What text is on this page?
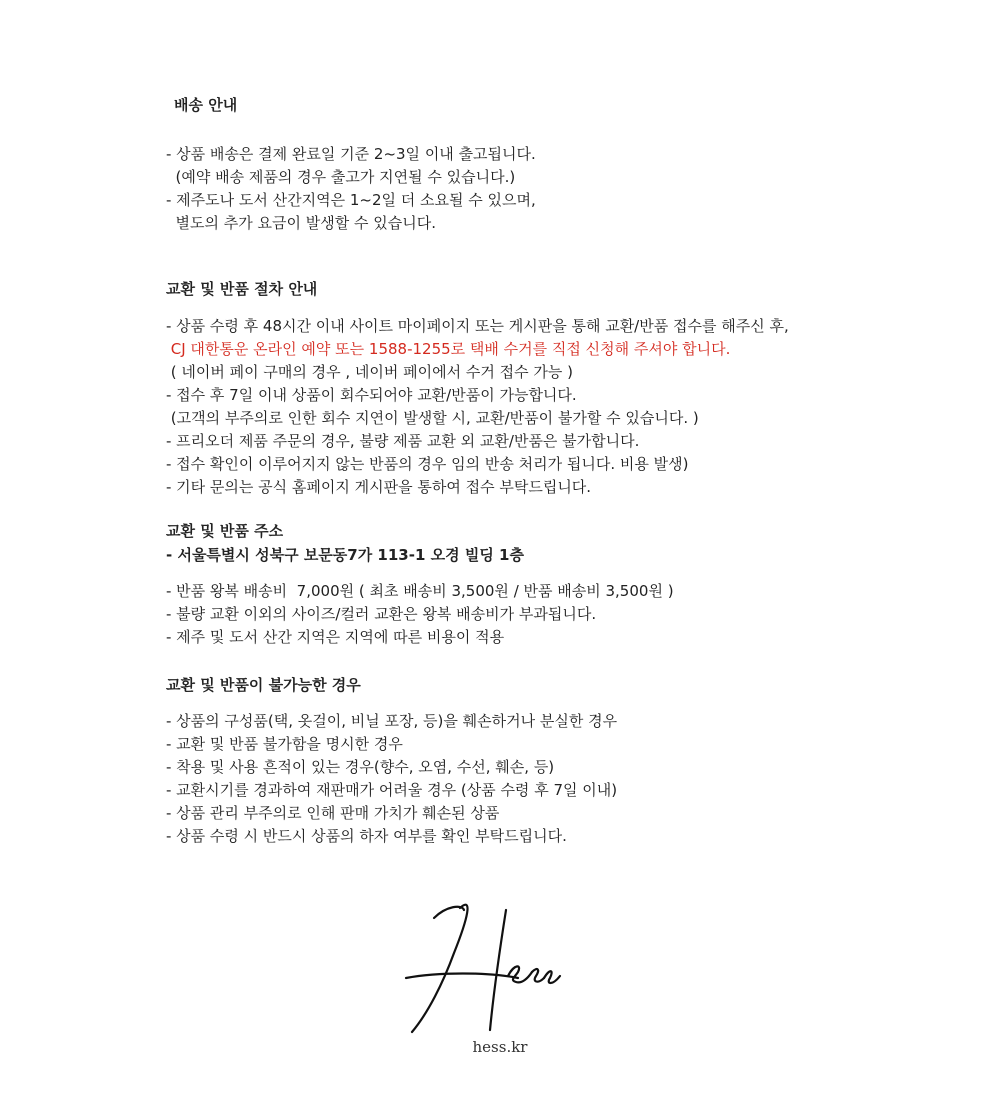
배송 안내

- 상품 배송은 결제 완료일 기준 2~3일 이내 출고됩니다.

(예약 배송 제품의 경우 출고가 지연될 수 있습니다.)

- 제주도나 도서 산간지역은 1~2일 더 소요될 수 있으며,

별도의 추가 요금이 발생할 수 있습니다.

교환 및 반품 절차 안내

- 상품 수령 후 48시간 이내 사이트 마이페이지 또는 게시판을 통해 교환/반품 접수를 해주신 후,

CJ 대한통운 온라인 예약 또는 1588-1255로 택배 수거를 직접 신청해 주셔야 합니다.

( 네이버 페이 구매의 경우 , 네이버 페이에서 수거 접수 가능 )

- 접수 후 7일 이내 상품이 회수되어야 교환/반품이 가능합니다.

(고객의 부주의로 인한 회수 지연이 발생할 시, 교환/반품이 불가할 수 있습니다. )

- 프리오더 제품 주문의 경우, 불량 제품 교환 외 교환/반품은 불가합니다.

- 접수 확인이 이루어지지 않는 반품의 경우 임의 반송 처리가 됩니다. 비용 발생)

- 기타 문의는 공식 홈페이지 게시판을 통하여 접수 부탁드립니다.

교환 및 반품 주소

- 서울특별시 성북구 보문동7가 113-1 오경 빌딩 1층

- 반품 왕복 배송비  7,000원 ( 최초 배송비 3,500원 / 반품 배송비 3,500원 )

- 불량 교환 이외의 사이즈/컬러 교환은 왕복 배송비가 부과됩니다.

- 제주 및 도서 산간 지역은 지역에 따른 비용이 적용

교환 및 반품이 불가능한 경우

- 상품의 구성품(택, 옷걸이, 비닐 포장, 등)을 훼손하거나 분실한 경우

- 교환 및 반품 불가함을 명시한 경우

- 착용 및 사용 흔적이 있는 경우(향수, 오염, 수선, 훼손, 등)

- 교환시기를 경과하여 재판매가 어려울 경우 (상품 수령 후 7일 이내)

- 상품 관리 부주의로 인해 판매 가치가 훼손된 상품

- 상품 수령 시 반드시 상품의 하자 여부를 확인 부탁드립니다.

hess.kr
